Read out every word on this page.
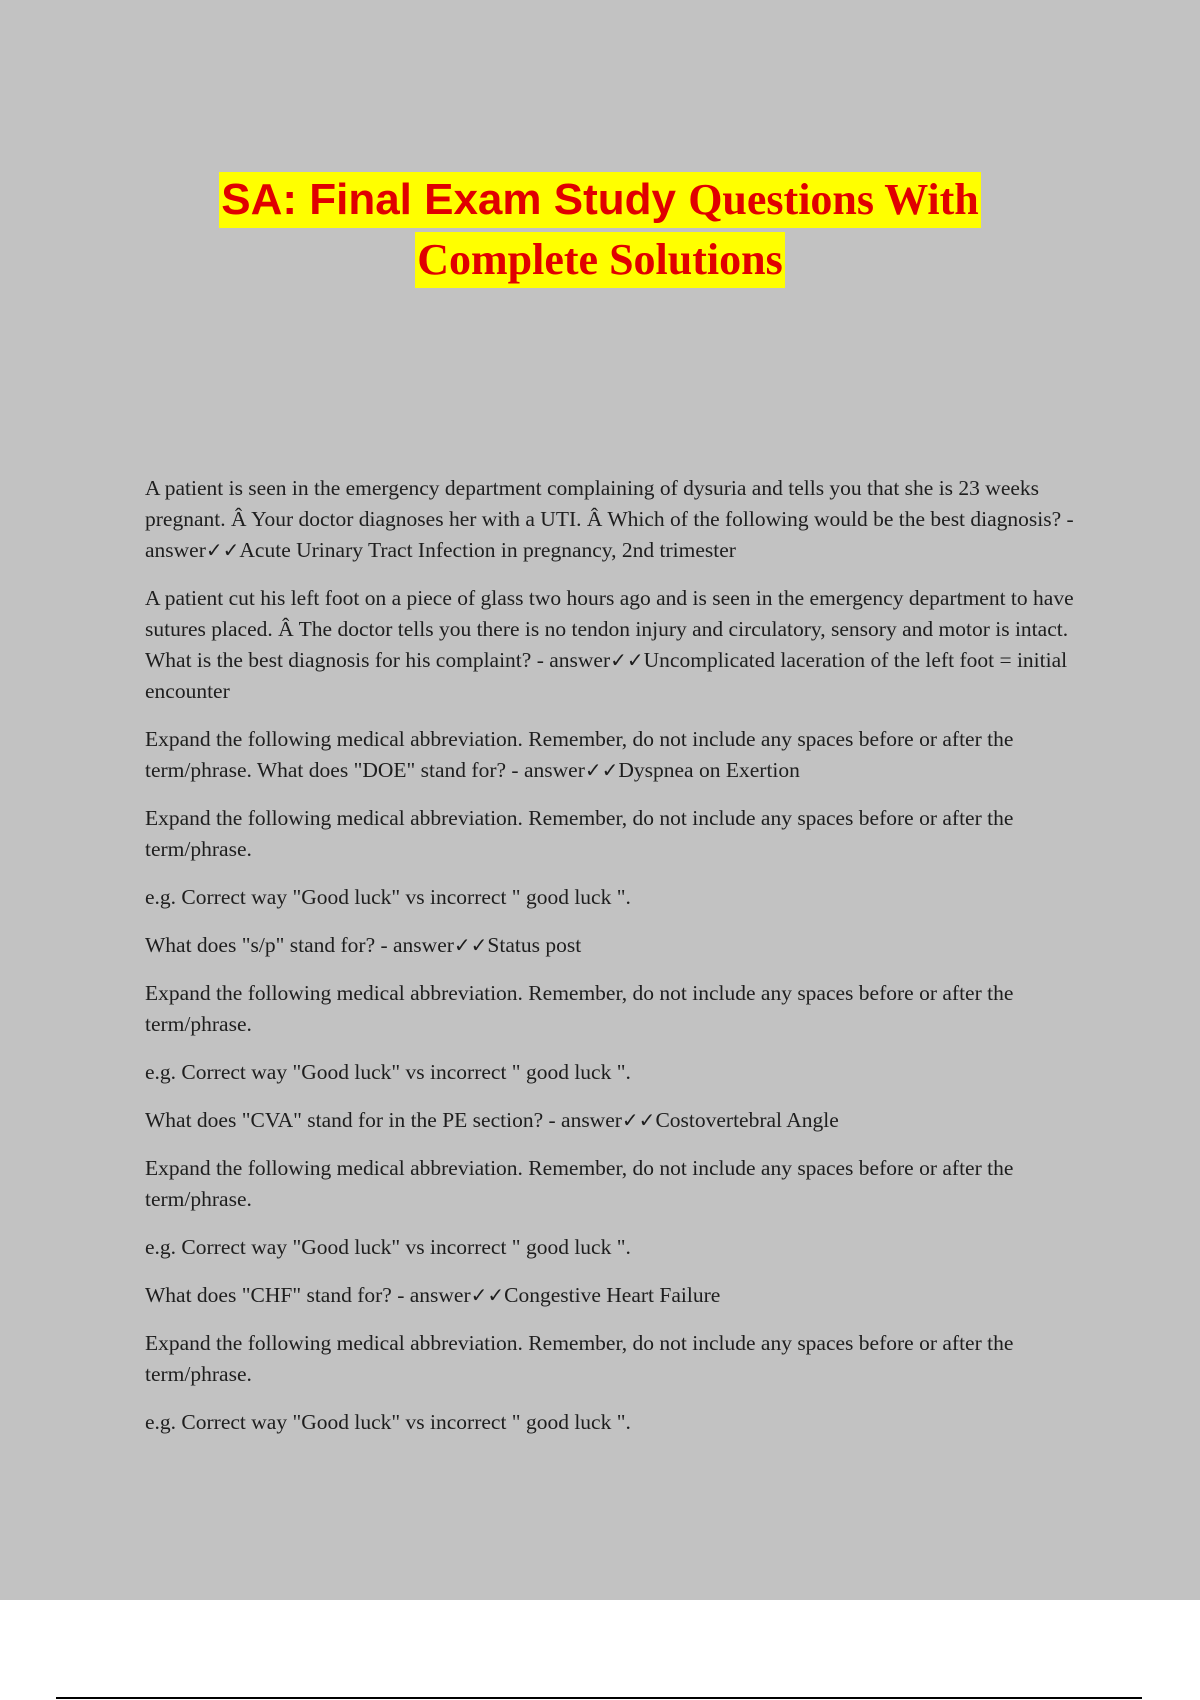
SA: Final Exam Study Questions With
Complete Solutions

A patient is seen in the emergency department complaining of dysuria and tells you that she is 23 weeks pregnant. Â Your doctor diagnoses her with a UTI. Â Which of the following would be the best diagnosis? - answer✓✓Acute Urinary Tract Infection in pregnancy, 2nd trimester

A patient cut his left foot on a piece of glass two hours ago and is seen in the emergency department to have sutures placed. Â The doctor tells you there is no tendon injury and circulatory, sensory and motor is intact. What is the best diagnosis for his complaint? - answer✓✓Uncomplicated laceration of the left foot = initial encounter

Expand the following medical abbreviation. Remember, do not include any spaces before or after the term/phrase. What does "DOE" stand for? - answer✓✓Dyspnea on Exertion

Expand the following medical abbreviation. Remember, do not include any spaces before or after the term/phrase.

e.g. Correct way "Good luck" vs incorrect " good luck ".

What does "s/p" stand for? - answer✓✓Status post

Expand the following medical abbreviation. Remember, do not include any spaces before or after the term/phrase.

e.g. Correct way "Good luck" vs incorrect " good luck ".

What does "CVA" stand for in the PE section? - answer✓✓Costovertebral Angle

Expand the following medical abbreviation. Remember, do not include any spaces before or after the term/phrase.

e.g. Correct way "Good luck" vs incorrect " good luck ".

What does "CHF" stand for? - answer✓✓Congestive Heart Failure

Expand the following medical abbreviation. Remember, do not include any spaces before or after the term/phrase.

e.g. Correct way "Good luck" vs incorrect " good luck ".
